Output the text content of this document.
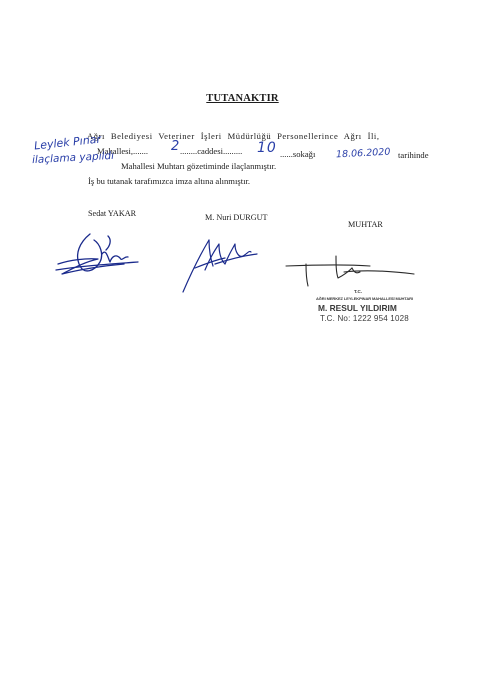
TUTANAKTIR
Ağrı Belediyesi Veteriner İşleri Müdürlüğü Personellerince Ağrı İli,
Leylek Pınar
Mahallesi,....... 2 ........caddesi......... 10 ......sokağı 18.06.2020 tarihinde
ilaçlama yapıldı Mahallesi Muhtarı gözetiminde ilaçlanmıştır.
İş bu tutanak tarafımızca imza altına alınmıştır.
Sedat YAKAR	M. Nuri DURGUT
MUHTAR
T.C.
AĞRI MERKEZ LEYLEKPINAR MAHALLESİ MUHTARI
M. RESUL YILDIRIM
T.C. No: 1222 954 1028
